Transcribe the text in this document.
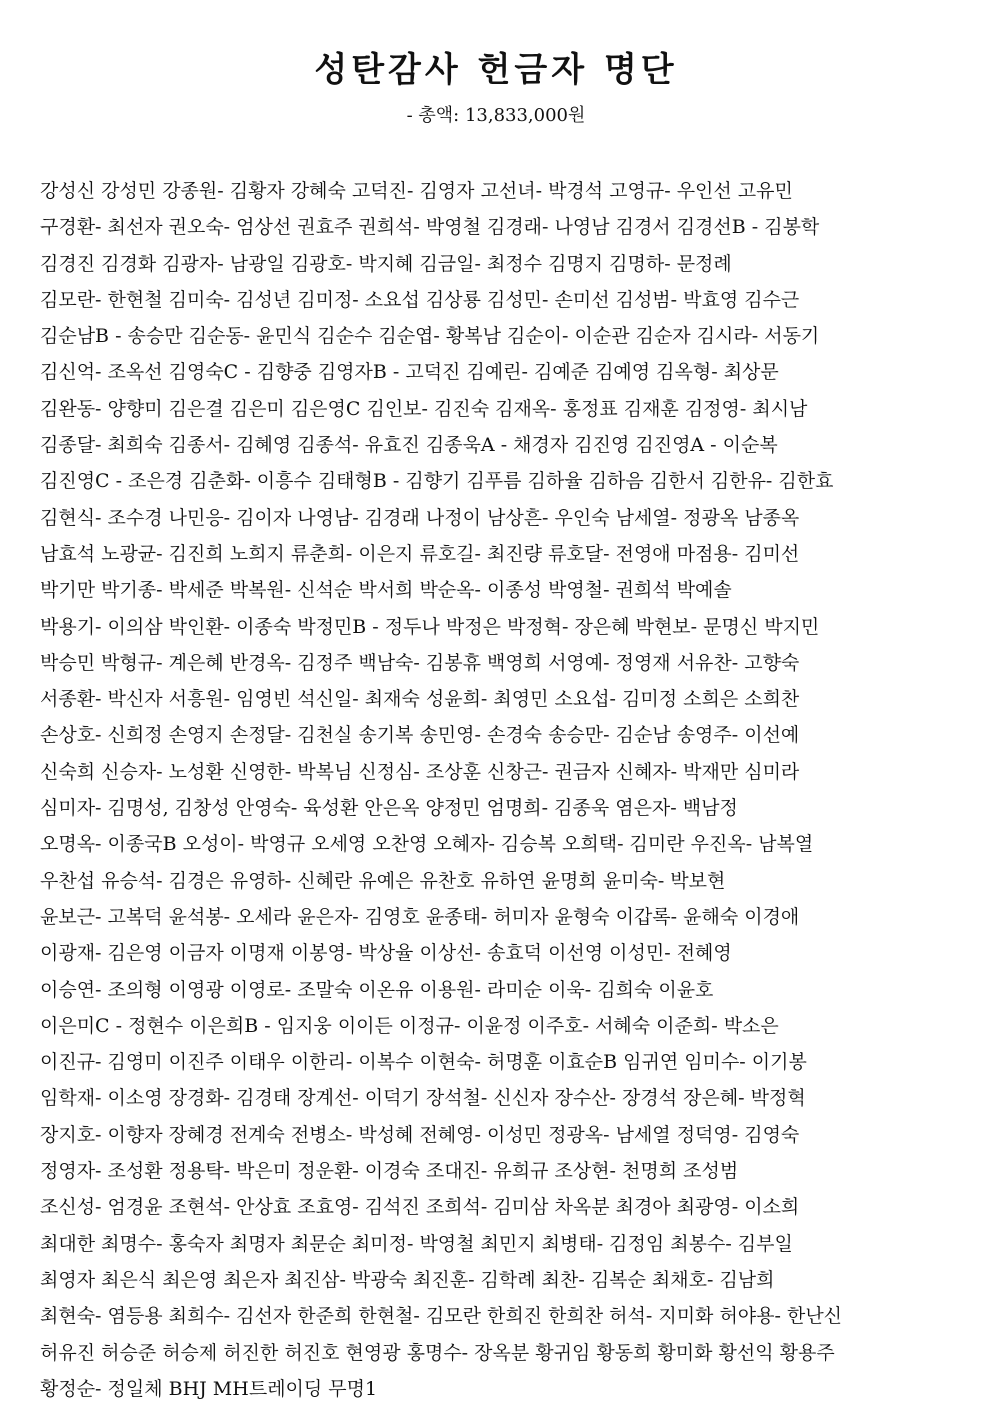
성탄감사 헌금자 명단
- 총액: 13,833,000원
강성신 강성민 강종원- 김황자 강혜숙 고덕진- 김영자 고선녀- 박경석 고영규- 우인선 고유민
구경환- 최선자 권오숙- 엄상선 권효주 권희석- 박영철 김경래- 나영남 김경서 김경선B - 김봉학
김경진 김경화 김광자- 남광일 김광호- 박지혜 김금일- 최정수 김명지 김명하- 문정례
김모란- 한현철 김미숙- 김성년 김미정- 소요섭 김상룡 김성민- 손미선 김성범- 박효영 김수근
김순남B - 송승만 김순동- 윤민식 김순수 김순엽- 황복남 김순이- 이순관 김순자 김시라- 서동기
김신억- 조옥선 김영숙C - 김향중 김영자B - 고덕진 김예린- 김예준 김예영 김옥형- 최상문
김완동- 양향미 김은결 김은미 김은영C 김인보- 김진숙 김재옥- 홍정표 김재훈 김정영- 최시남
김종달- 최희숙 김종서- 김혜영 김종석- 유효진 김종욱A - 채경자 김진영 김진영A - 이순복
김진영C - 조은경 김춘화- 이흥수 김태형B - 김향기 김푸름 김하율 김하음 김한서 김한유- 김한효
김현식- 조수경 나민응- 김이자 나영남- 김경래 나정이 남상흔- 우인숙 남세열- 정광옥 남종옥
남효석 노광균- 김진희 노희지 류춘희- 이은지 류호길- 최진량 류호달- 전영애 마점용- 김미선
박기만 박기종- 박세준 박복원- 신석순 박서희 박순옥- 이종성 박영철- 권희석 박예솔
박용기- 이의삼 박인환- 이종숙 박정민B - 정두나 박정은 박정혁- 장은혜 박현보- 문명신 박지민
박승민 박형규- 계은혜 반경옥- 김정주 백남숙- 김봉휴 백영희 서영예- 정영재 서유찬- 고향숙
서종환- 박신자 서흥원- 임영빈 석신일- 최재숙 성윤희- 최영민 소요섭- 김미정 소희은 소희찬
손상호- 신희정 손영지 손정달- 김천실 송기복 송민영- 손경숙 송승만- 김순남 송영주- 이선예
신숙희 신승자- 노성환 신영한- 박복님 신정심- 조상훈 신창근- 권금자 신혜자- 박재만 심미라
심미자- 김명성, 김창성 안영숙- 육성환 안은옥 양정민 엄명희- 김종욱 염은자- 백남정
오명옥- 이종국B 오성이- 박영규 오세영 오찬영 오혜자- 김승복 오희택- 김미란 우진옥- 남복열
우찬섭 유승석- 김경은 유영하- 신혜란 유예은 유찬호 유하연 윤명희 윤미숙- 박보현
윤보근- 고복덕 윤석봉- 오세라 윤은자- 김영호 윤종태- 허미자 윤형숙 이갑록- 윤해숙 이경애
이광재- 김은영 이금자 이명재 이봉영- 박상율 이상선- 송효덕 이선영 이성민- 전혜영
이승연- 조의형 이영광 이영로- 조말숙 이온유 이용원- 라미순 이욱- 김희숙 이윤호
이은미C - 정현수 이은희B - 임지웅 이이든 이정규- 이윤정 이주호- 서혜숙 이준희- 박소은
이진규- 김영미 이진주 이태우 이한리- 이복수 이현숙- 허명훈 이효순B 임귀연 임미수- 이기봉
임학재- 이소영 장경화- 김경태 장계선- 이덕기 장석철- 신신자 장수산- 장경석 장은혜- 박정혁
장지호- 이향자 장혜경 전계숙 전병소- 박성혜 전혜영- 이성민 정광옥- 남세열 정덕영- 김영숙
정영자- 조성환 정용탁- 박은미 정운환- 이경숙 조대진- 유희규 조상현- 천명희 조성범
조신성- 엄경윤 조현석- 안상효 조효영- 김석진 조희석- 김미삼 차옥분 최경아 최광영- 이소희
최대한 최명수- 홍숙자 최명자 최문순 최미정- 박영철 최민지 최병태- 김정임 최봉수- 김부일
최영자 최은식 최은영 최은자 최진삼- 박광숙 최진훈- 김학례 최찬- 김복순 최채호- 김남희
최현숙- 염등용 최희수- 김선자 한준희 한현철- 김모란 한희진 한희찬 허석- 지미화 허야용- 한난신
허유진 허승준 허승제 허진한 허진호 현영광 홍명수- 장옥분 황귀임 황동희 황미화 황선익 황용주
황정순- 정일체 BHJ MH트레이딩 무명1
